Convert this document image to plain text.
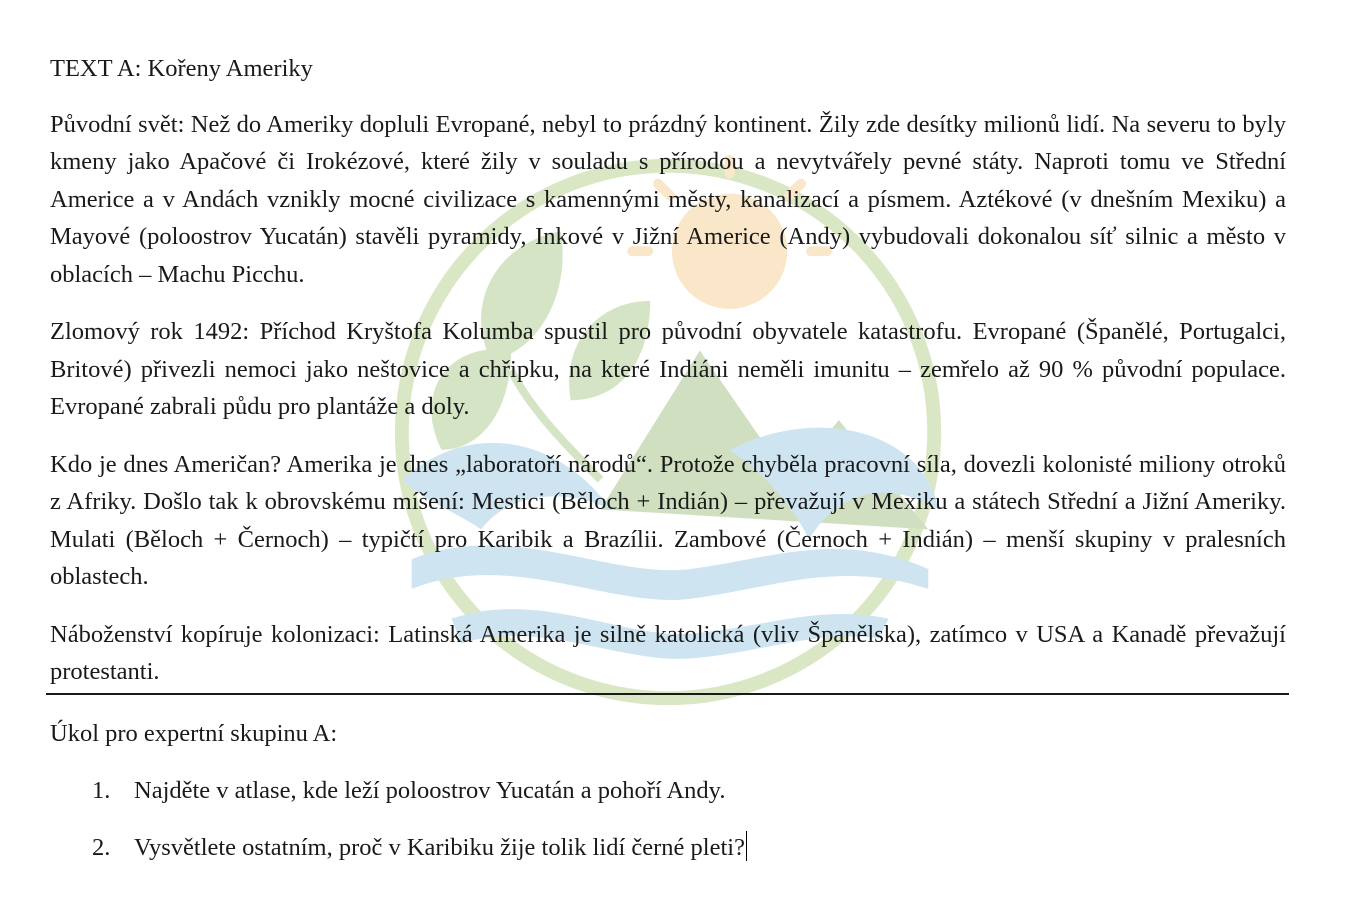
TEXT A: Kořeny Ameriky

Původní svět: Než do Ameriky dopluli Evropané, nebyl to prázdný kontinent. Žily zde desítky milionů lidí. Na severu to byly kmeny jako Apačové či Irokézové, které žily v souladu s přírodou a nevytvářely pevné státy. Naproti tomu ve Střední Americe a v Andách vznikly mocné civilizace s kamennými městy, kanalizací a písmem. Aztékové (v dnešním Mexiku) a Mayové (poloostrov Yucatán) stavěli pyramidy, Inkové v Jižní Americe (Andy) vybudovali dokonalou síť silnic a město v oblacích – Machu Picchu.

Zlomový rok 1492: Příchod Kryštofa Kolumba spustil pro původní obyvatele katastrofu. Evropané (Španělé, Portugalci, Britové) přivezli nemoci jako neštovice a chřipku, na které Indiáni neměli imunitu – zemřelo až 90 % původní populace. Evropané zabrali půdu pro plantáže a doly.

Kdo je dnes Američan? Amerika je dnes „laboratoří národů“. Protože chyběla pracovní síla, dovezli kolonisté miliony otroků z Afriky. Došlo tak k obrovskému míšení: Mestici (Běloch + Indián) – převažují v Mexiku a státech Střední a Jižní Ameriky. Mulati (Běloch + Černoch) – typičtí pro Karibik a Brazílii. Zambové (Černoch + Indián) – menší skupiny v pralesních oblastech.

Náboženství kopíruje kolonizaci: Latinská Amerika je silně katolická (vliv Španělska), zatímco v USA a Kanadě převažují protestanti.

Úkol pro expertní skupinu A:

1. Najděte v atlase, kde leží poloostrov Yucatán a pohoří Andy.
2. Vysvětlete ostatním, proč v Karibiku žije tolik lidí černé pleti?
